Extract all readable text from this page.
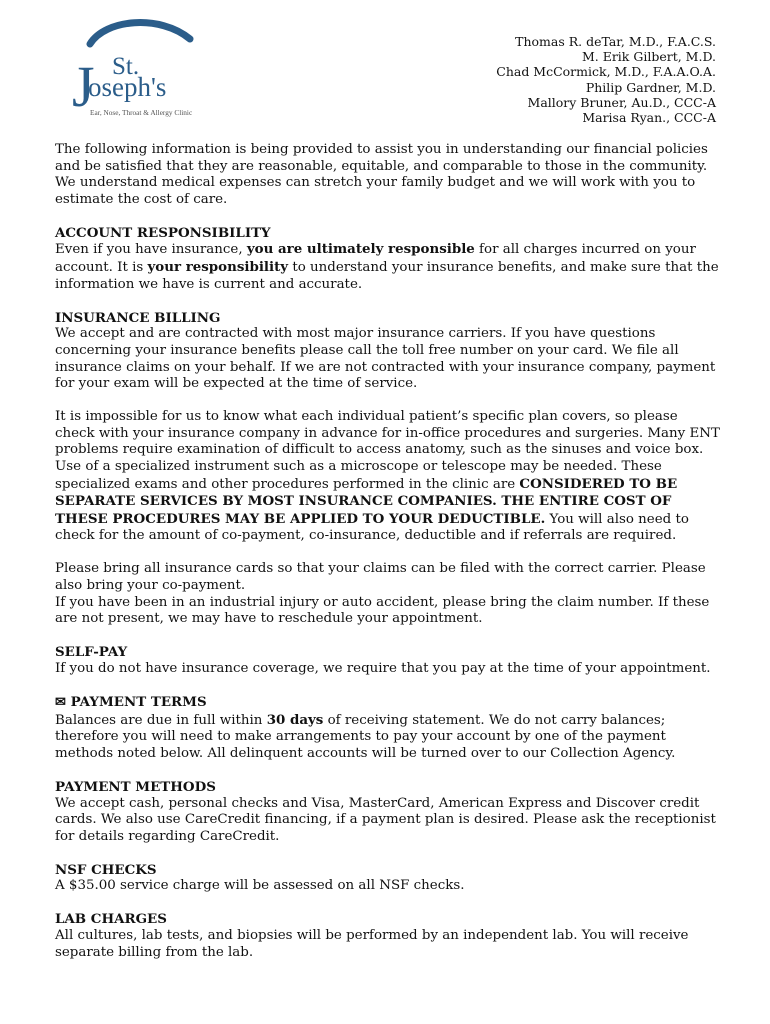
J St.
oseph's
Ear, Nose, Throat & Allergy Clinic
Thomas R. deTar, M.D., F.A.C.S.
M. Erik Gilbert, M.D.
Chad McCormick, M.D., F.A.A.O.A.
Philip Gardner, M.D.
Mallory Bruner, Au.D., CCC-A
Marisa Ryan., CCC-A

The following information is being provided to assist you in understanding our financial policies and be satisfied that they are reasonable, equitable, and comparable to those in the community. We understand medical expenses can stretch your family budget and we will work with you to estimate the cost of care.

ACCOUNT RESPONSIBILITY
Even if you have insurance, you are ultimately responsible for all charges incurred on your account. It is your responsibility to understand your insurance benefits, and make sure that the information we have is current and accurate.

INSURANCE BILLING
We accept and are contracted with most major insurance carriers. If you have questions concerning your insurance benefits please call the toll free number on your card. We file all insurance claims on your behalf. If we are not contracted with your insurance company, payment for your exam will be expected at the time of service.

It is impossible for us to know what each individual patient’s specific plan covers, so please check with your insurance company in advance for in-office procedures and surgeries. Many ENT problems require examination of difficult to access anatomy, such as the sinuses and voice box. Use of a specialized instrument such as a microscope or telescope may be needed. These specialized exams and other procedures performed in the clinic are CONSIDERED TO BE SEPARATE SERVICES BY MOST INSURANCE COMPANIES. THE ENTIRE COST OF THESE PROCEDURES MAY BE APPLIED TO YOUR DEDUCTIBLE. You will also need to check for the amount of co-payment, co-insurance, deductible and if referrals are required.

Please bring all insurance cards so that your claims can be filed with the correct carrier. Please also bring your co-payment.
If you have been in an industrial injury or auto accident, please bring the claim number. If these are not present, we may have to reschedule your appointment.

SELF-PAY
If you do not have insurance coverage, we require that you pay at the time of your appointment.

✉ PAYMENT TERMS
Balances are due in full within 30 days of receiving statement. We do not carry balances; therefore you will need to make arrangements to pay your account by one of the payment methods noted below. All delinquent accounts will be turned over to our Collection Agency.

PAYMENT METHODS
We accept cash, personal checks and Visa, MasterCard, American Express and Discover credit cards. We also use CareCredit financing, if a payment plan is desired. Please ask the receptionist for details regarding CareCredit.

NSF CHECKS
A $35.00 service charge will be assessed on all NSF checks.

LAB CHARGES
All cultures, lab tests, and biopsies will be performed by an independent lab. You will receive separate billing from the lab.
